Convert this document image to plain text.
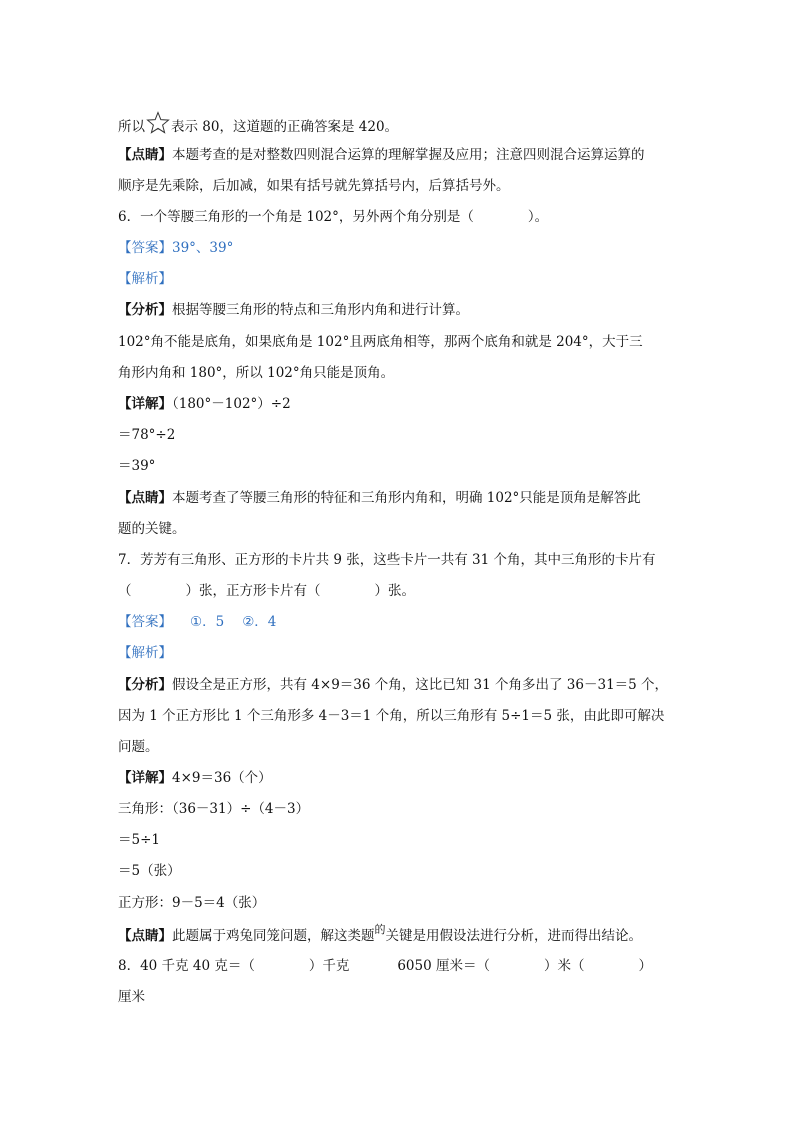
所以 表示 80，这道题的正确答案是 420。
【点睛】本题考查的是对整数四则混合运算的理解掌握及应用；注意四则混合运算运算的
顺序是先乘除，后加减，如果有括号就先算括号内，后算括号外。
6．一个等腰三角形的一个角是 102°，另外两个角分别是（　　　　）。
【答案】39°、39°
【解析】
【分析】根据等腰三角形的特点和三角形内角和进行计算。
102°角不能是底角，如果底角是 102°且两底角相等，那两个底角和就是 204°，大于三
角形内角和 180°，所以 102°角只能是顶角。
【详解】（180°－102°）÷2
＝78°÷2
＝39°
【点睛】本题考查了等腰三角形的特征和三角形内角和，明确 102°只能是顶角是解答此
题的关键。
7．芳芳有三角形、正方形的卡片共 9 张，这些卡片一共有 31 个角，其中三角形的卡片有
（　　　　）张，正方形卡片有（　　　　）张。
【答案】 ①．5 ②．4
【解析】
【分析】假设全是正方形，共有 4×9＝36 个角，这比已知 31 个角多出了 36－31＝5 个，
因为 1 个正方形比 1 个三角形多 4－3＝1 个角，所以三角形有 5÷1＝5 张，由此即可解决
问题。
【详解】4×9＝36（个）
三角形：（36－31）÷（4－3）
＝5÷1
＝5（张）
正方形：9－5＝4（张）
【点睛】此题属于鸡兔同笼问题，解这类题$^的$关键是用假设法进行分析，进而得出结论。
8．40 千克 40 克＝（　　　　）千克	6050 厘米＝（　　　　）米（　　　　）
厘米
